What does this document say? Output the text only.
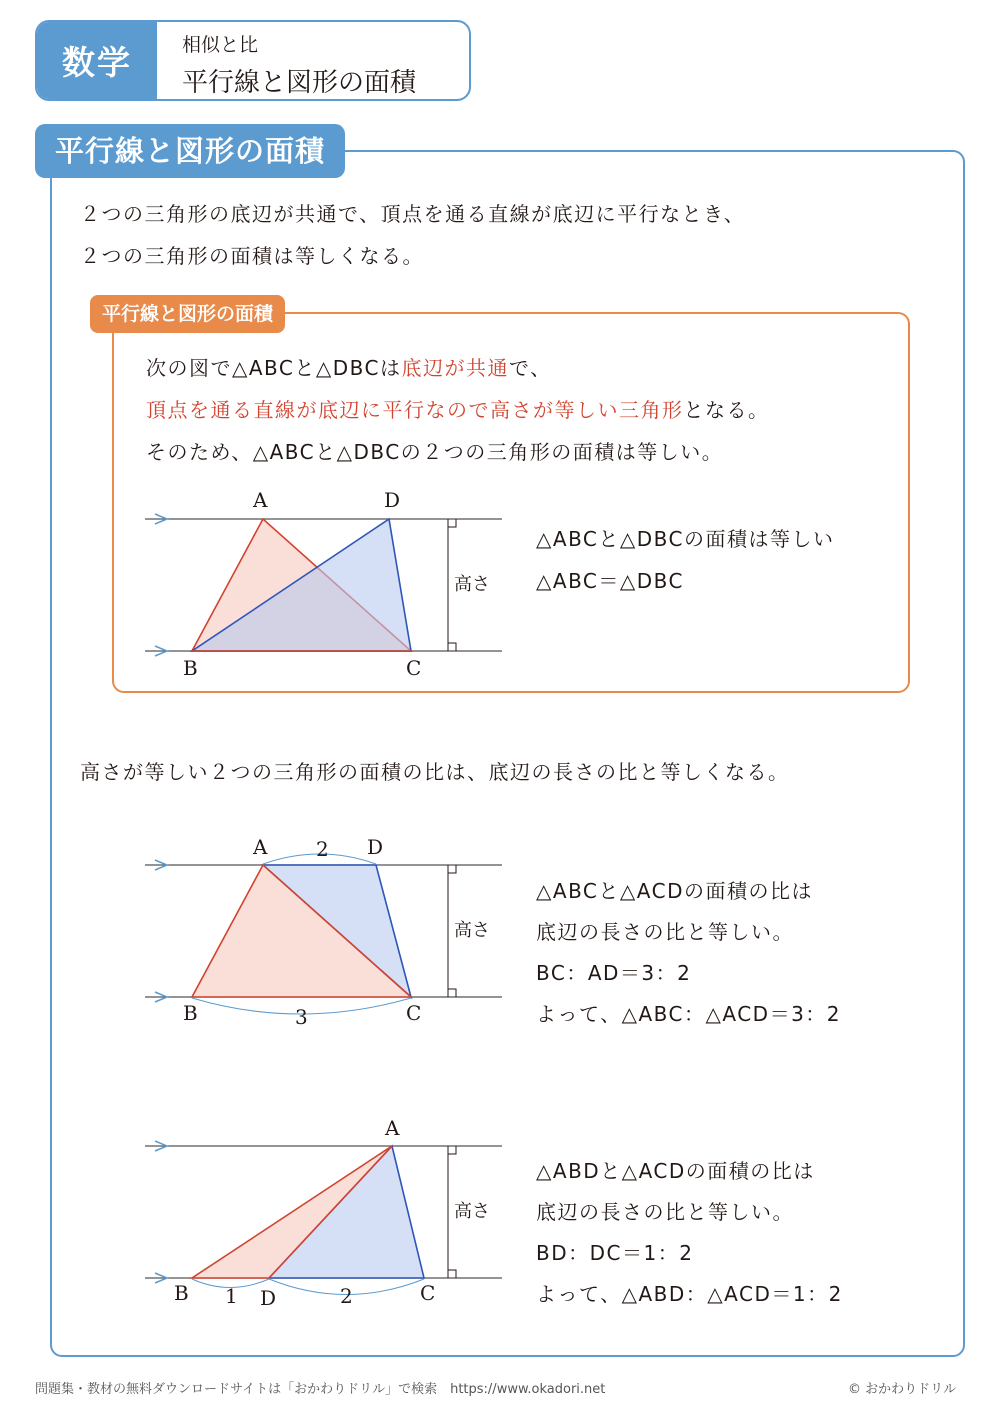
数学	相似と比
平行線と図形の面積
平行線と図形の面積
２つの三角形の底辺が共通で、頂点を通る直線が底辺に平行なとき、
２つの三角形の面積は等しくなる。
平行線と図形の面積
次の図で△ABCと△DBCは底辺が共通で、
頂点を通る直線が底辺に平行なので高さが等しい三角形となる。
そのため、△ABCと△DBCの２つの三角形の面積は等しい。
A	D
B	C
高さ
△ABCと△DBCの面積は等しい
△ABC＝△DBC
高さが等しい２つの三角形の面積の比は、底辺の長さの比と等しくなる。
A	D
2
B	C
3
高さ
△ABCと△ACDの面積の比は
底辺の長さの比と等しい。
BC：AD＝3：2
よって、△ABC：△ACD＝3：2
A
B	D	C
1	2
高さ
△ABDと△ACDの面積の比は
底辺の長さの比と等しい。
BD：DC＝1：2
よって、△ABD：△ACD＝1：2
問題集・教材の無料ダウンロードサイトは「おかわりドリル」で検索　https://www.okadori.net	© おかわりドリル
